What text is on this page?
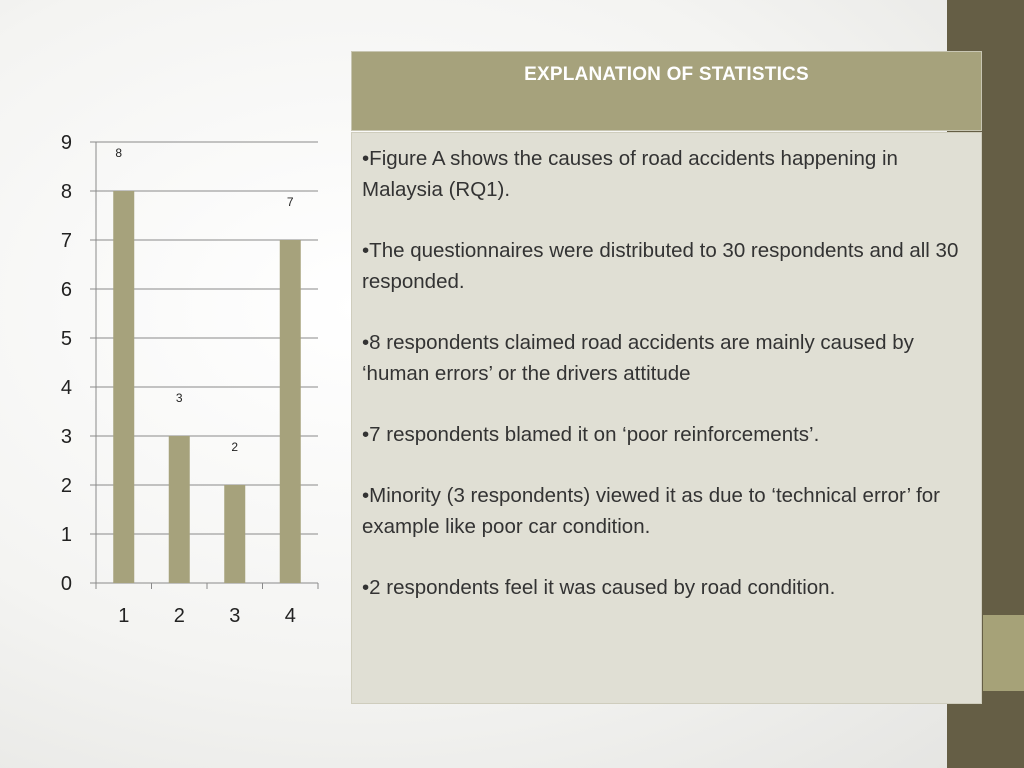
0
1
2
3
4
5
6
7
8
9
1
8
2
3
3
2
4
7
EXPLANATION OF STATISTICS

•Figure A shows the causes of road accidents happening in Malaysia (RQ1).

•The questionnaires were distributed to 30 respondents and all 30 responded.

•8 respondents claimed road accidents are mainly caused by ‘human errors’ or the drivers attitude

•7 respondents blamed it on ‘poor reinforcements’.

•Minority (3 respondents) viewed it as due to ‘technical error’ for example like poor car condition.

•2 respondents feel it was caused by road condition.
